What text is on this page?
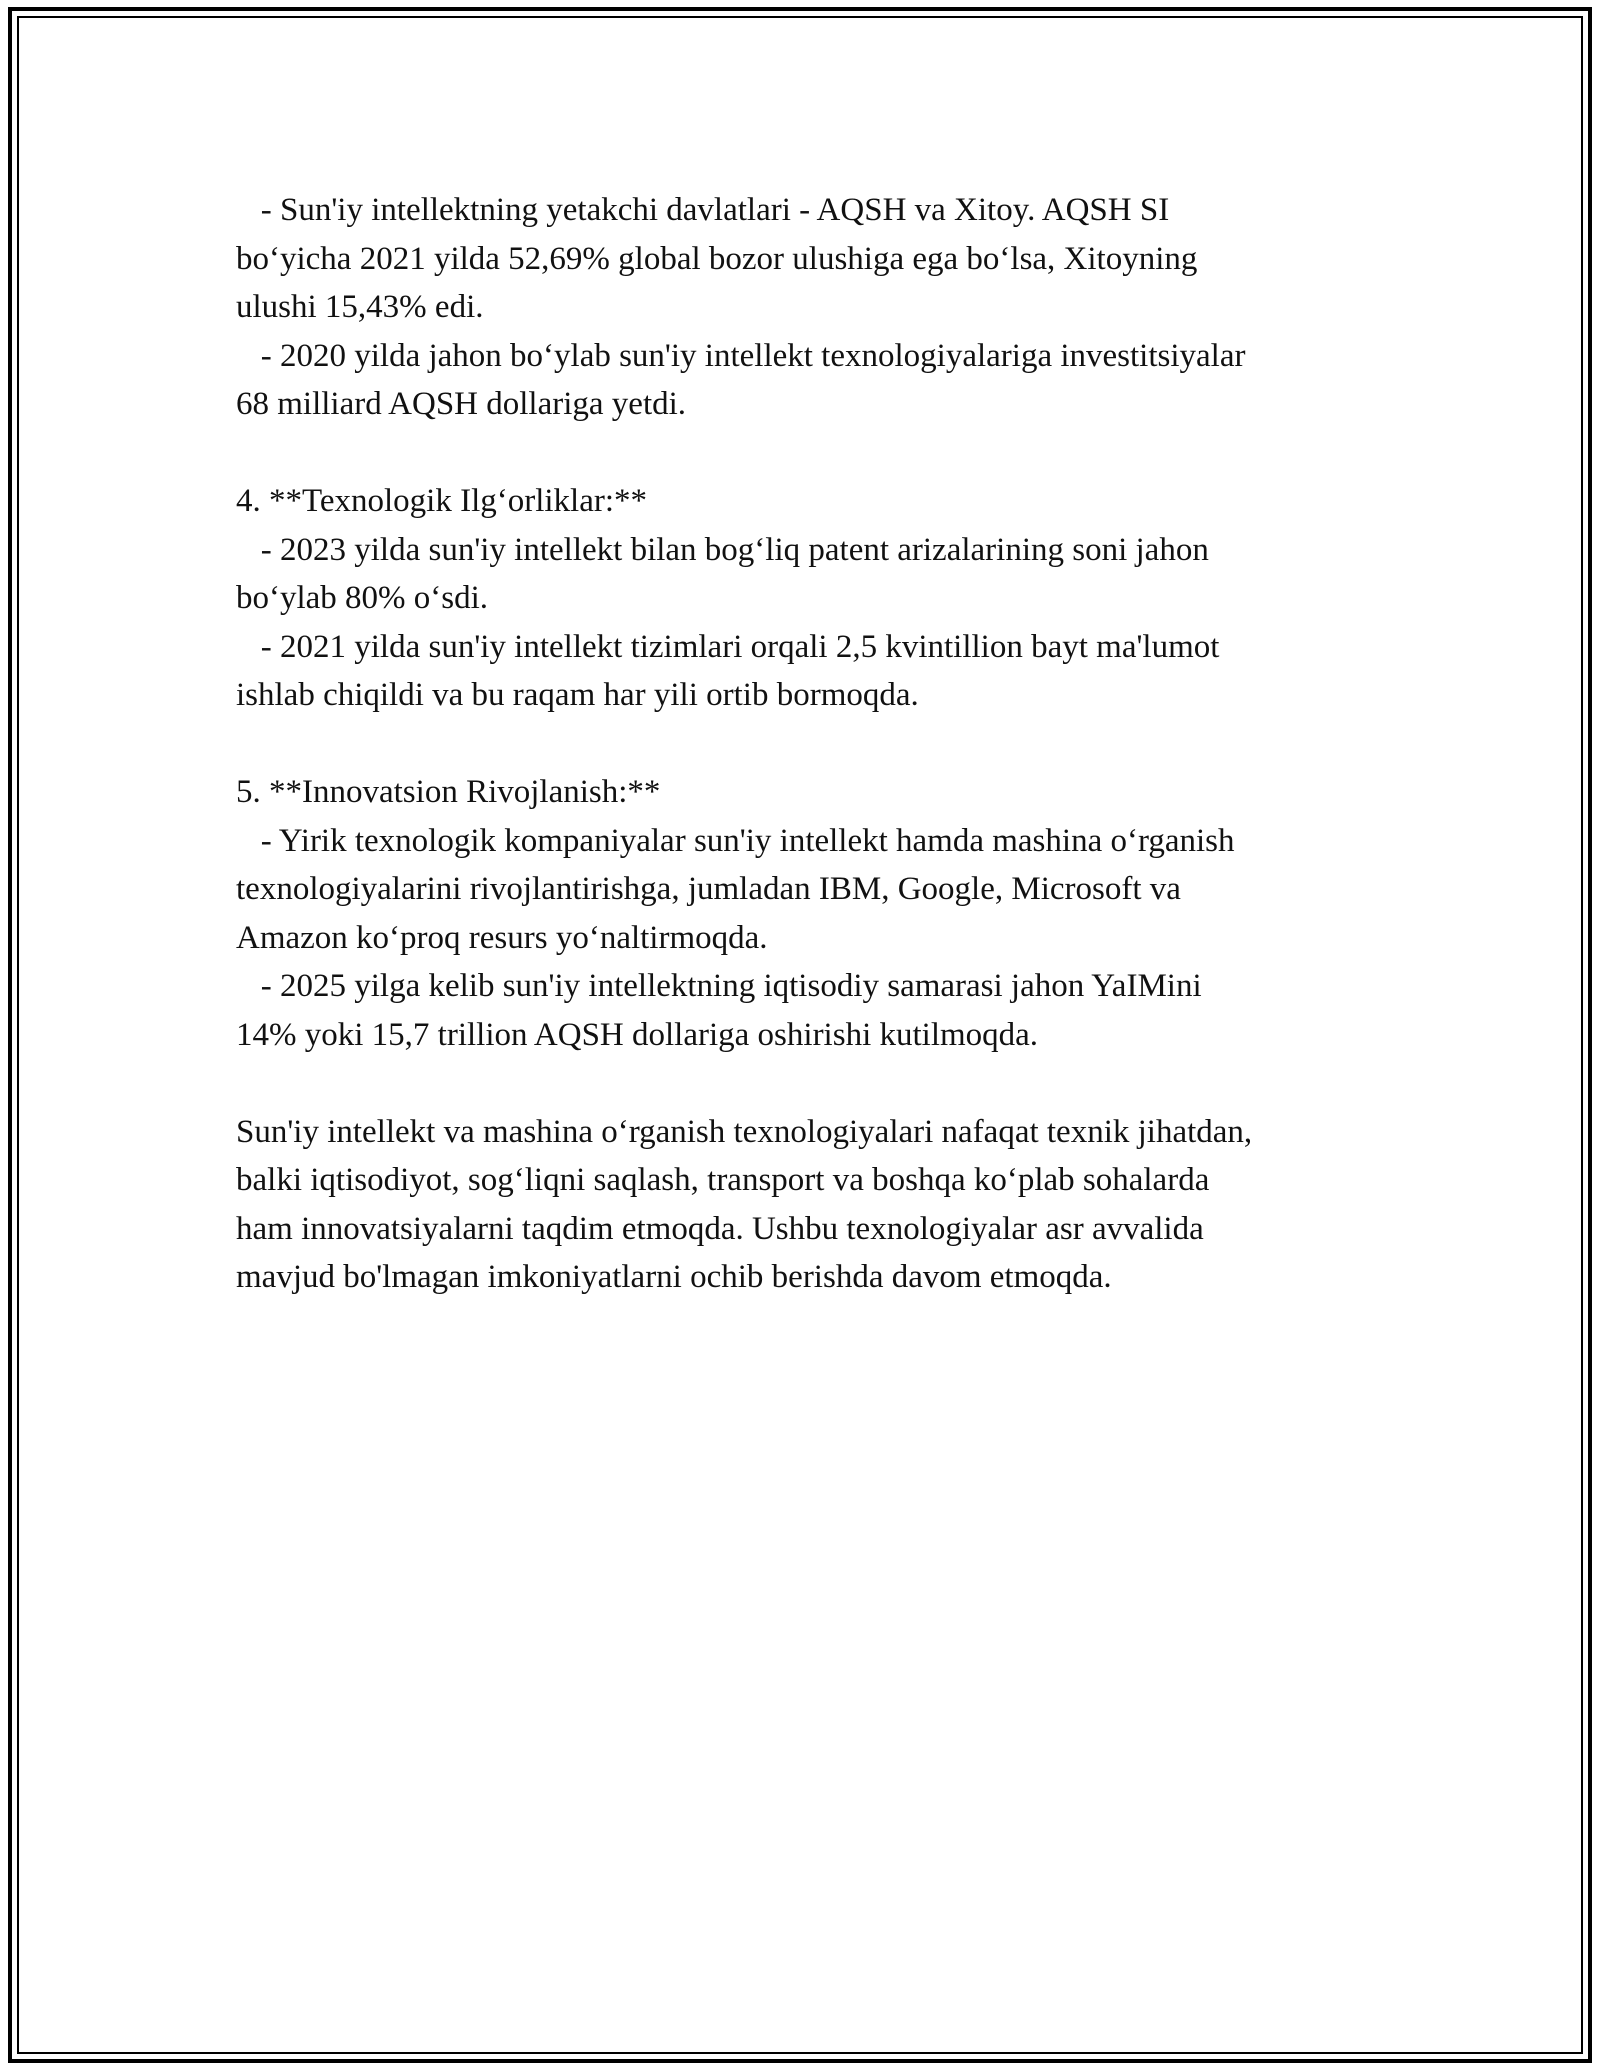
- Sun'iy intellektning yetakchi davlatlari - AQSH va Xitoy. AQSH SI
bo‘yicha 2021 yilda 52,69% global bozor ulushiga ega bo‘lsa, Xitoyning
ulushi 15,43% edi.
- 2020 yilda jahon bo‘ylab sun'iy intellekt texnologiyalariga investitsiyalar
68 milliard AQSH dollariga yetdi.
4. **Texnologik Ilg‘orliklar:**
- 2023 yilda sun'iy intellekt bilan bog‘liq patent arizalarining soni jahon
bo‘ylab 80% o‘sdi.
- 2021 yilda sun'iy intellekt tizimlari orqali 2,5 kvintillion bayt ma'lumot
ishlab chiqildi va bu raqam har yili ortib bormoqda.
5. **Innovatsion Rivojlanish:**
- Yirik texnologik kompaniyalar sun'iy intellekt hamda mashina o‘rganish
texnologiyalarini rivojlantirishga, jumladan IBM, Google, Microsoft va
Amazon ko‘proq resurs yo‘naltirmoqda.
- 2025 yilga kelib sun'iy intellektning iqtisodiy samarasi jahon YaIMini
14% yoki 15,7 trillion AQSH dollariga oshirishi kutilmoqda.
Sun'iy intellekt va mashina o‘rganish texnologiyalari nafaqat texnik jihatdan,
balki iqtisodiyot, sog‘liqni saqlash, transport va boshqa ko‘plab sohalarda
ham innovatsiyalarni taqdim etmoqda. Ushbu texnologiyalar asr avvalida
mavjud bo'lmagan imkoniyatlarni ochib berishda davom etmoqda.
